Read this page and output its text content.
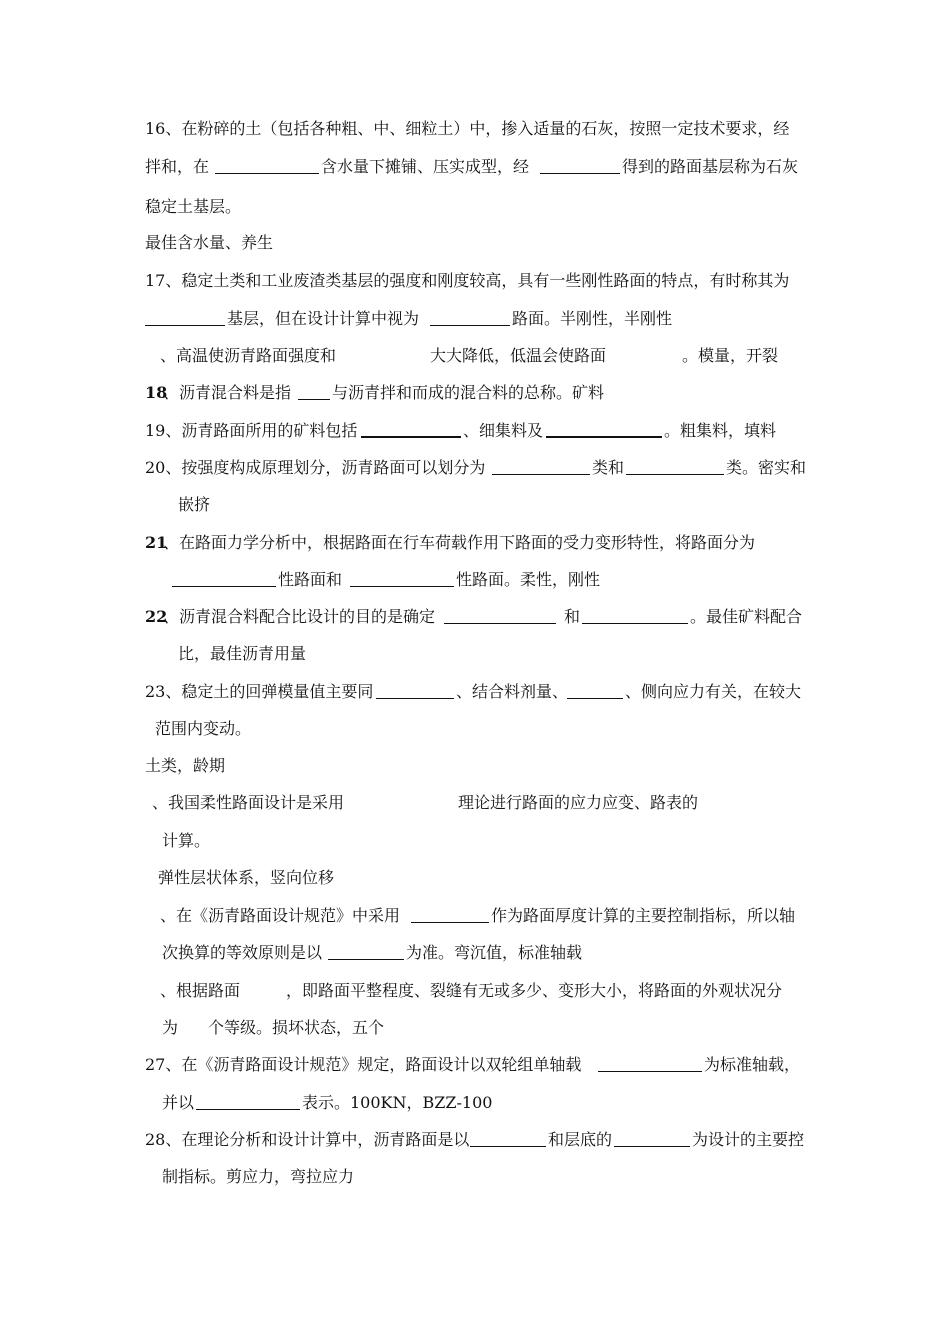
16、在粉碎的土（包括各种粗、中、细粒土）中，掺入适量的石灰，按照一定技术要求，经
拌和，在	含水量下摊铺、压实成型，经	得到的路面基层称为石灰
稳定土基层。
最佳含水量、养生
17、稳定土类和工业废渣类基层的强度和刚度较高，具有一些刚性路面的特点，有时称其为
基层，但在设计计算中视为	路面。半刚性，半刚性
、高温使沥青路面强度和	大大降低，低温会使路面	。模量，开裂
18
、沥青混合料是指	与沥青拌和而成的混合料的总称。矿料
19、沥青路面所用的矿料包括	、细集料及	。粗集料，填料
20、按强度构成原理划分，沥青路面可以划分为	类和	类。密实和
嵌挤
21
、在路面力学分析中，根据路面在行车荷载作用下路面的受力变形特性，将路面分为
性路面和	性路面。柔性，刚性
22
、沥青混合料配合比设计的目的是确定	和	。最佳矿料配合
比，最佳沥青用量
23、稳定土的回弹模量值主要同	、结合料剂量、	、侧向应力有关，在较大
范围内变动。
土类，龄期
、我国柔性路面设计是采用	理论进行路面的应力应变、路表的
计算。
弹性层状体系，竖向位移
、在《沥青路面设计规范》中采用	作为路面厚度计算的主要控制指标，所以轴
次换算的等效原则是以	为准。弯沉值，标准轴载
、根据路面	，即路面平整程度、裂缝有无或多少、变形大小，将路面的外观状况分
为 个等级。损坏状态，五个
27、在《沥青路面设计规范》规定，路面设计以双轮组单轴载	为标准轴载，
并以	表示。100KN，BZZ-100
28、在理论分析和设计计算中，沥青路面是以	和层底的	为设计的主要控
制指标。剪应力，弯拉应力
